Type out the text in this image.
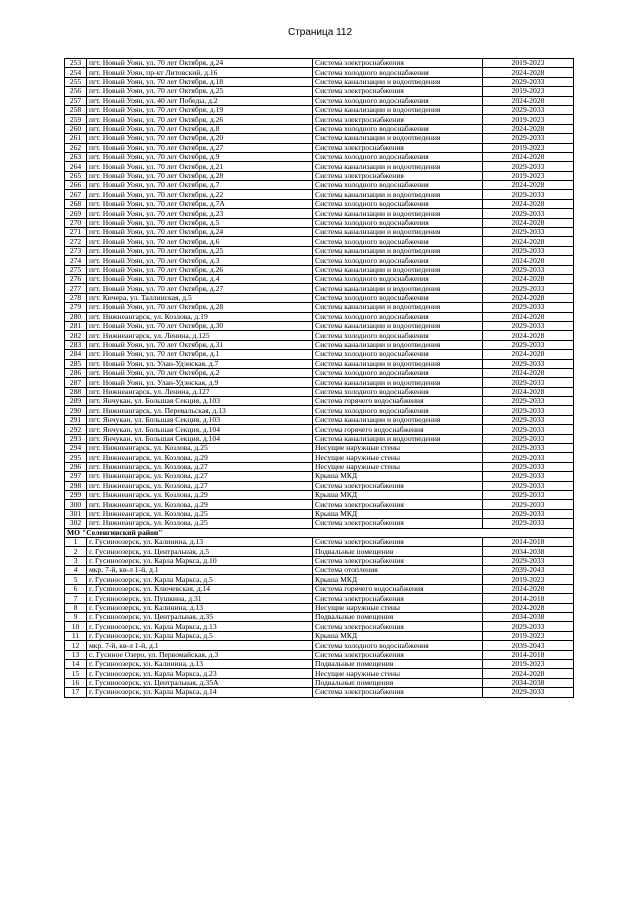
Страница 112
253	пгт. Новый Уоян, ул. 70 лет Октября, д.24	Система электроснабжения	2019-2023
254	пгт. Новый Уоян, пр-кт Литовский, д.16	Система холодного водоснабжения	2024-2028
255	пгт. Новый Уоян, ул. 70 лет Октября, д.18	Система канализации и водоотведения	2029-2033
256	пгт. Новый Уоян, ул. 70 лет Октября, д.25	Система электроснабжения	2019-2023
257	пгт. Новый Уоян, ул. 40 лет Победы, д.2	Система холодного водоснабжения	2024-2028
258	пгт. Новый Уоян, ул. 70 лет Октября, д.19	Система канализации и водоотведения	2029-2033
259	пгт. Новый Уоян, ул. 70 лет Октября, д.26	Система электроснабжения	2019-2023
260	пгт. Новый Уоян, ул. 70 лет Октября, д.8	Система холодного водоснабжения	2024-2028
261	пгт. Новый Уоян, ул. 70 лет Октября, д.20	Система канализации и водоотведения	2029-2033
262	пгт. Новый Уоян, ул. 70 лет Октября, д.27	Система электроснабжения	2019-2023
263	пгт. Новый Уоян, ул. 70 лет Октября, д.9	Система холодного водоснабжения	2024-2028
264	пгт. Новый Уоян, ул. 70 лет Октября, д.21	Система канализации и водоотведения	2029-2033
265	пгт. Новый Уоян, ул. 70 лет Октября, д.28	Система электроснабжения	2019-2023
266	пгт. Новый Уоян, ул. 70 лет Октября, д.7	Система холодного водоснабжения	2024-2028
267	пгт. Новый Уоян, ул. 70 лет Октября, д.22	Система канализации и водоотведения	2029-2033
268	пгт. Новый Уоян, ул. 70 лет Октября, д.7А	Система холодного водоснабжения	2024-2028
269	пгт. Новый Уоян, ул. 70 лет Октября, д.23	Система канализации и водоотведения	2029-2033
270	пгт. Новый Уоян, ул. 70 лет Октября, д.5	Система холодного водоснабжения	2024-2028
271	пгт. Новый Уоян, ул. 70 лет Октября, д.24	Система канализации и водоотведения	2029-2033
272	пгт. Новый Уоян, ул. 70 лет Октября, д.6	Система холодного водоснабжения	2024-2028
273	пгт. Новый Уоян, ул. 70 лет Октября, д.25	Система канализации и водоотведения	2029-2033
274	пгт. Новый Уоян, ул. 70 лет Октября, д.3	Система холодного водоснабжения	2024-2028
275	пгт. Новый Уоян, ул. 70 лет Октября, д.26	Система канализации и водоотведения	2029-2033
276	пгт. Новый Уоян, ул. 70 лет Октября, д.4	Система холодного водоснабжения	2024-2028
277	пгт. Новый Уоян, ул. 70 лет Октября, д.27	Система канализации и водоотведения	2029-2033
278	пгт. Кичера, ул. Таллинская, д.5	Система холодного водоснабжения	2024-2028
279	пгт. Новый Уоян, ул. 70 лет Октября, д.28	Система канализации и водоотведения	2029-2033
280	пгт. Нижнеангарск, ул. Козлова, д.19	Система холодного водоснабжения	2024-2028
281	пгт. Новый Уоян, ул. 70 лет Октября, д.30	Система канализации и водоотведения	2029-2033
282	пгт. Нижнеангарск, ул. Ленина, д.125	Система холодного водоснабжения	2024-2028
283	пгт. Новый Уоян, ул. 70 лет Октября, д.31	Система канализации и водоотведения	2029-2033
284	пгт. Новый Уоян, ул. 70 лет Октября, д.1	Система холодного водоснабжения	2024-2028
285	пгт. Новый Уоян, ул. Улан-Удэнская, д.7	Система канализации и водоотведения	2029-2033
286	пгт. Новый Уоян, ул. 70 лет Октября, д.2	Система холодного водоснабжения	2024-2028
287	пгт. Новый Уоян, ул. Улан-Удэнская, д.9	Система канализации и водоотведения	2029-2033
288	пгт. Нижнеангарск, ул. Ленина, д.127	Система холодного водоснабжения	2024-2028
289	пгт. Янчукан, ул. Большая Секция, д.103	Система горячего водоснабжения	2029-2033
290	пгт. Нижнеангарск, ул. Перевальская, д.13	Система холодного водоснабжения	2029-2033
291	пгт. Янчукан, ул. Большая Секция, д.103	Система канализации и водоотведения	2029-2033
292	пгт. Янчукан, ул. Большая Секция, д.104	Система горячего водоснабжения	2029-2033
293	пгт. Янчукан, ул. Большая Секция, д.104	Система канализации и водоотведения	2029-2033
294	пгт. Нижнеангарск, ул. Козлова, д.25	Несущие наружные стены	2029-2033
295	пгт. Нижнеангарск, ул. Козлова, д.29	Несущие наружные стены	2029-2033
296	пгт. Нижнеангарск, ул. Козлова, д.27	Несущие наружные стены	2029-2033
297	пгт. Нижнеангарск, ул. Козлова, д.27	Крыша МКД	2029-2033
298	пгт. Нижнеангарск, ул. Козлова, д.27	Система электроснабжения	2029-2033
299	пгт. Нижнеангарск, ул. Козлова, д.29	Крыша МКД	2029-2033
300	пгт. Нижнеангарск, ул. Козлова, д.29	Система электроснабжения	2029-2033
301	пгт. Нижнеангарск, ул. Козлова, д.25	Крыша МКД	2029-2033
302	пгт. Нижнеангарск, ул. Козлова, д.25	Система электроснабжения	2029-2033
МО "Селенгинский район"			
1	г. Гусиноозерск, ул. Калинина, д.13	Система электроснабжения	2014-2018
2	г. Гусиноозерск, ул. Центральная, д.5	Подвальные помещения	2034-2038
3	г. Гусиноозерск, ул. Карла Маркса, д.10	Система электроснабжения	2029-2033
4	мкр. 7-й, кв-л 1-й, д.1	Система отопления	2039-2043
5	г. Гусиноозерск, ул. Карла Маркса, д.5	Крыша МКД	2019-2023
6	г. Гусиноозерск, ул. Ключевская, д.14	Система горячего водоснабжения	2024-2028
7	г. Гусиноозерск, ул. Пушкина, д.31	Система электроснабжения	2014-2018
8	г. Гусиноозерск, ул. Калинина, д.13	Несущие наружные стены	2024-2028
9	г. Гусиноозерск, ул. Центральная, д.35	Подвальные помещения	2034-2038
10	г. Гусиноозерск, ул. Карла Маркса, д.13	Система электроснабжения	2029-2033
11	г. Гусиноозерск, ул. Карла Маркса, д.5	Крыша МКД	2019-2023
12	мкр. 7-й, кв-л 1-й, д.1	Система холодного водоснабжения	2039-2043
13	с. Гусиное Озеро, ул. Первомайская, д.3	Система электроснабжения	2014-2018
14	г. Гусиноозерск, ул. Калинина, д.13	Подвальные помещения	2019-2023
15	г. Гусиноозерск, ул. Карла Маркса, д.23	Несущие наружные стены	2024-2028
16	г. Гусиноозерск, ул. Центральная, д.35А	Подвальные помещения	2034-2038
17	г. Гусиноозерск, ул. Карла Маркса, д.14	Система электроснабжения	2029-2033
